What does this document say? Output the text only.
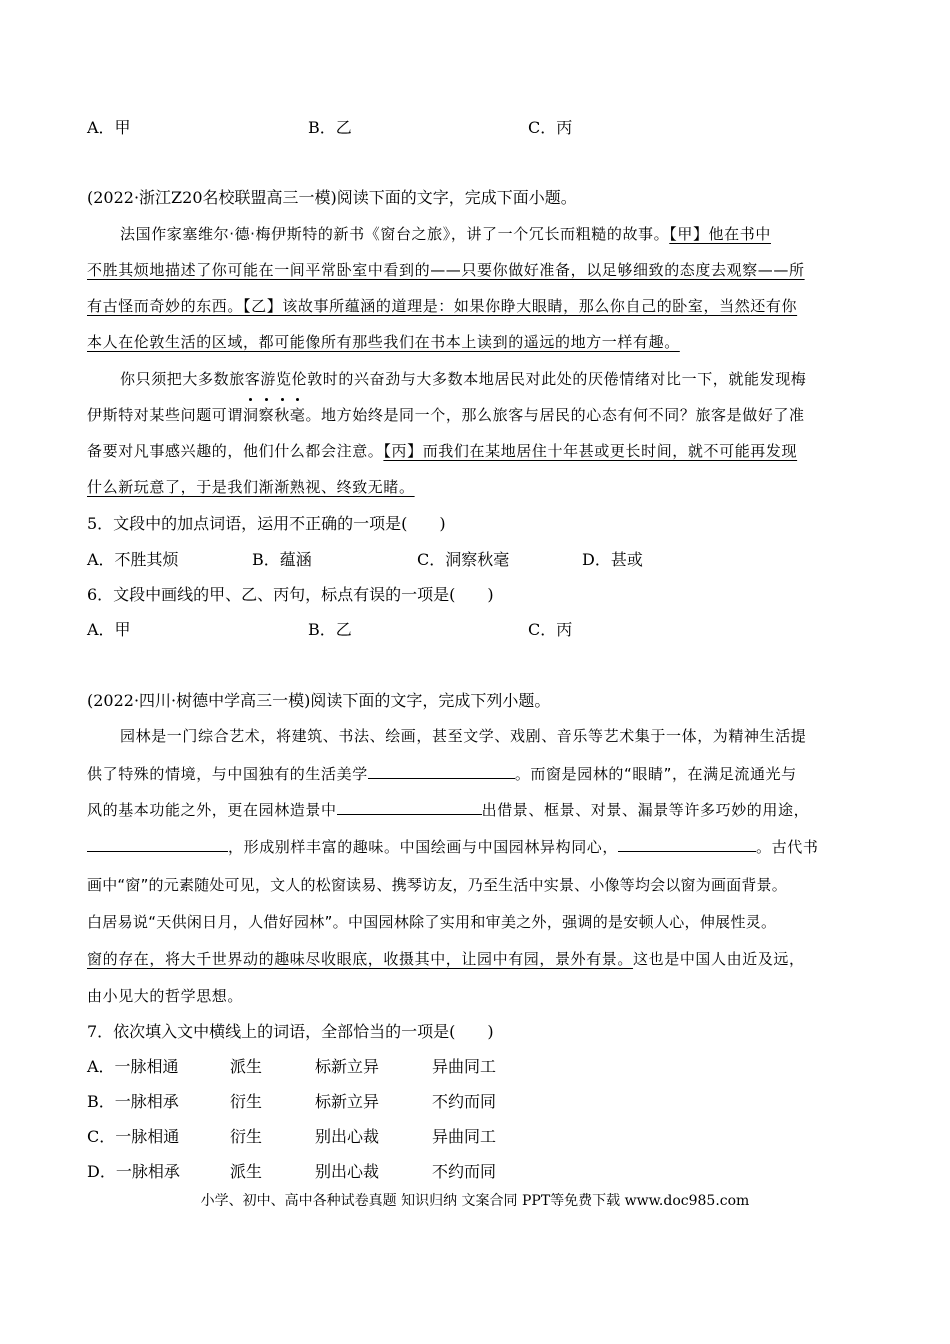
A．甲	B．乙	C．丙
(2022·浙江Z20名校联盟高三一模)阅读下面的文字，完成下面小题。
法国作家塞维尔·德·梅伊斯特的新书《窗台之旅》，讲了一个冗长而粗糙的故事。【甲】他在书中
不胜其烦地描述了你可能在一间平常卧室中看到的——只要你做好准备，以足够细致的态度去观察——所
有古怪而奇妙的东西。【乙】该故事所蕴涵的道理是：如果你睁大眼睛，那么你自己的卧室，当然还有你
本人在伦敦生活的区域，都可能像所有那些我们在书本上读到的遥远的地方一样有趣。
你只须把大多数旅客游览伦敦时的兴奋劲与大多数本地居民对此处的厌倦情绪对比一下，就能发现梅
伊斯特对某些问题可谓洞察秋毫。地方始终是同一个，那么旅客与居民的心态有何不同？旅客是做好了准
备要对凡事感兴趣的，他们什么都会注意。【丙】而我们在某地居住十年甚或更长时间，就不可能再发现
什么新玩意了，于是我们渐渐熟视、终致无睹。
5．文段中的加点词语，运用不正确的一项是(　　)
A．不胜其烦	B．蕴涵	C．洞察秋毫	D．甚或
6．文段中画线的甲、乙、丙句，标点有误的一项是(　　)
A．甲	B．乙	C．丙
(2022·四川·树德中学高三一模)阅读下面的文字，完成下列小题。
园林是一门综合艺术，将建筑、书法、绘画，甚至文学、戏剧、音乐等艺术集于一体，为精神生活提
供了特殊的情境，与中国独有的生活美学	。而窗是园林的“眼睛”，在满足流通光与
风的基本功能之外，更在园林造景中	出借景、框景、对景、漏景等许多巧妙的用途，
，形成别样丰富的趣味。中国绘画与中国园林异构同心，	。古代书
画中“窗”的元素随处可见，文人的松窗读易、携琴访友，乃至生活中实景、小像等均会以窗为画面背景。
白居易说“天供闲日月，人借好园林”。中国园林除了实用和审美之外，强调的是安顿人心，伸展性灵。
窗的存在，将大千世界动的趣味尽收眼底，收摄其中，让园中有园，景外有景。这也是中国人由近及远，
由小见大的哲学思想。
7．依次填入文中横线上的词语，全部恰当的一项是(　　)
A．一脉相通	派生	标新立异	异曲同工
B．一脉相承	衍生	标新立异	不约而同
C．一脉相通	衍生	别出心裁	异曲同工
D．一脉相承	派生	别出心裁	不约而同
小学、初中、高中各种试卷真题 知识归纳 文案合同 PPT等免费下载 www.doc985.com
